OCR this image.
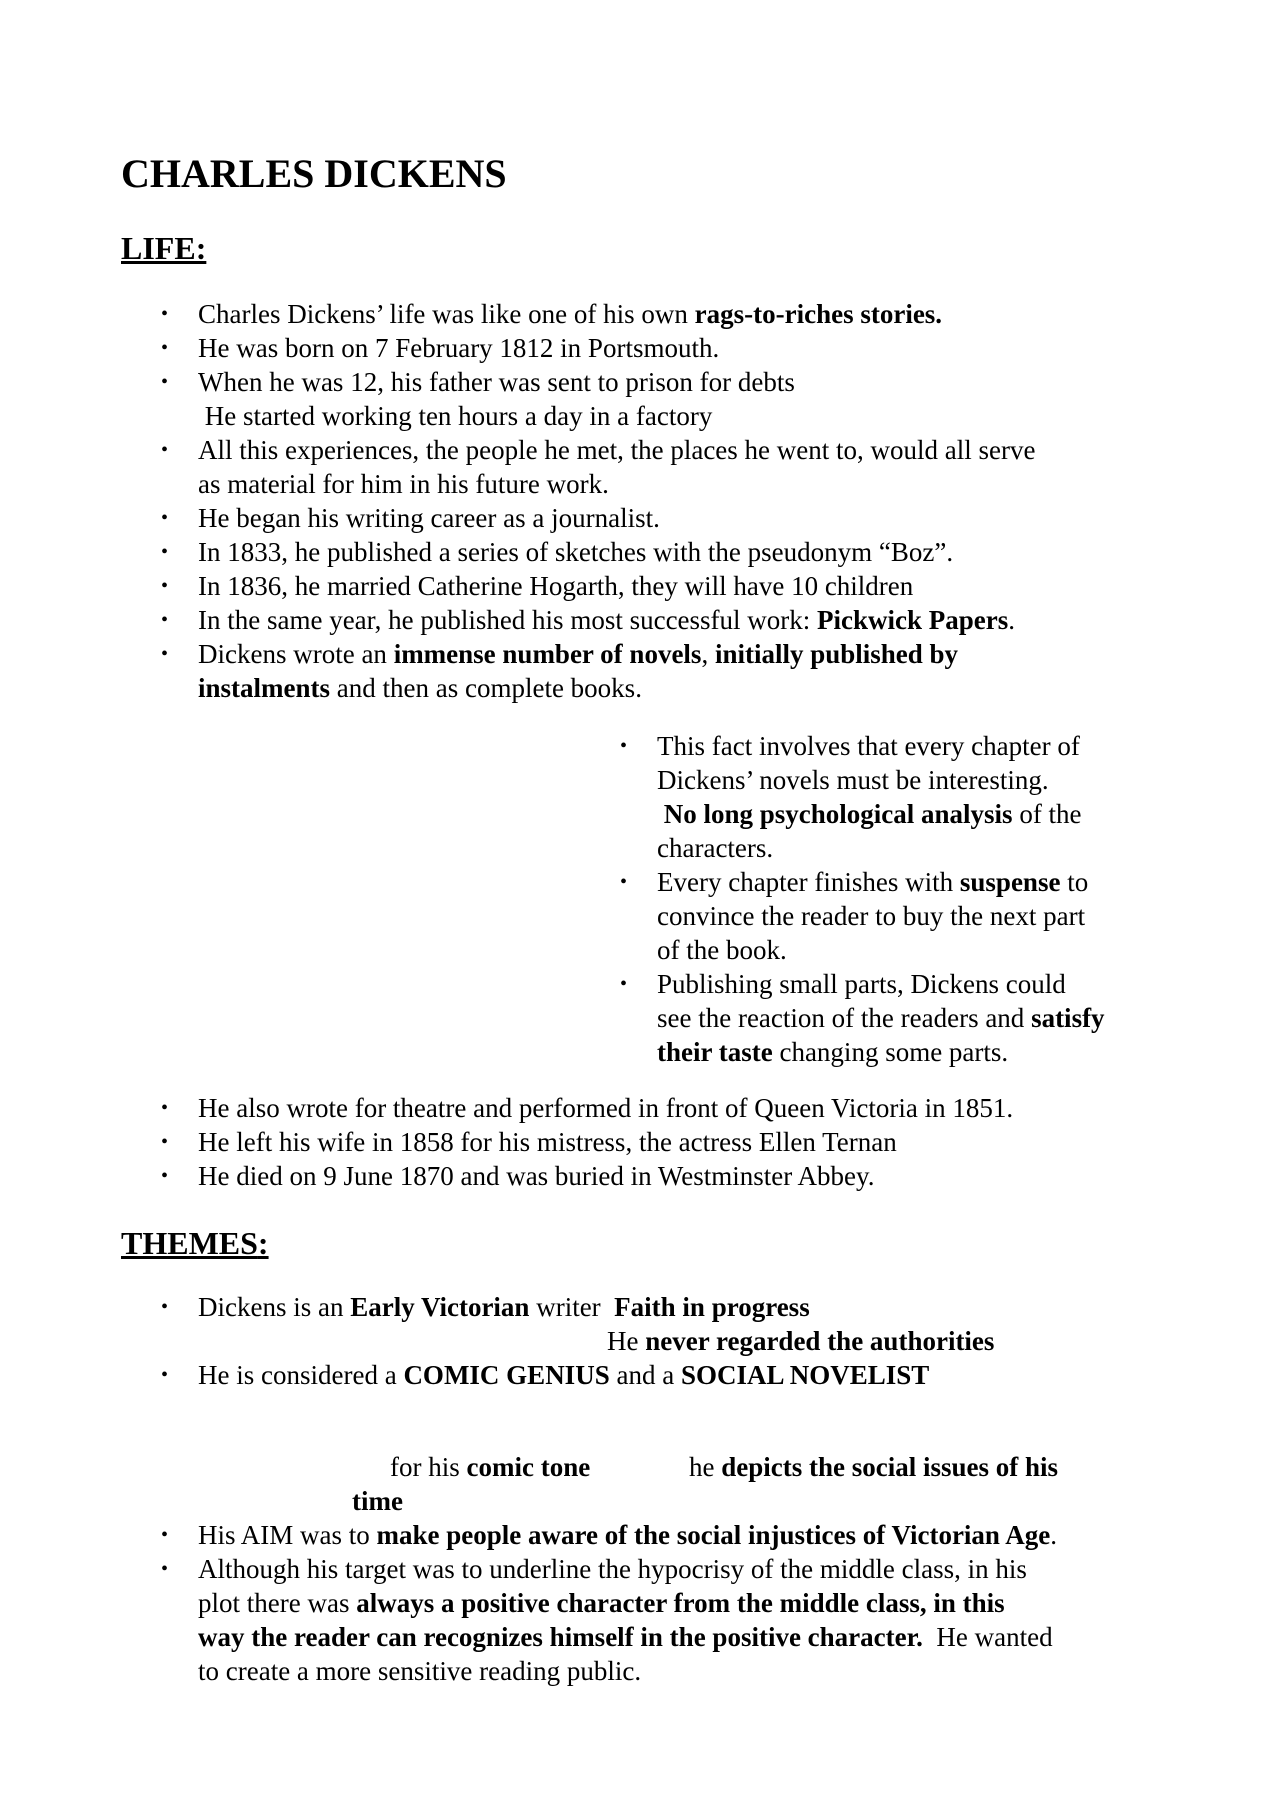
CHARLES DICKENS
LIFE:
• Charles Dickens’ life was like one of his own rags-to-riches stories.
• He was born on 7 February 1812 in Portsmouth.
• When he was 12, his father was sent to prison for debts
He started working ten hours a day in a factory
• All this experiences, the people he met, the places he went to, would all serve
as material for him in his future work.
• He began his writing career as a journalist.
• In 1833, he published a series of sketches with the pseudonym “Boz”.
• In 1836, he married Catherine Hogarth, they will have 10 children
• In the same year, he published his most successful work: Pickwick Papers.
• Dickens wrote an immense number of novels, initially published by
instalments and then as complete books.
• This fact involves that every chapter of
Dickens’ novels must be interesting.
No long psychological analysis of the
characters.
• Every chapter finishes with suspense to
convince the reader to buy the next part
of the book.
• Publishing small parts, Dickens could
see the reaction of the readers and satisfy
their taste changing some parts.
• He also wrote for theatre and performed in front of Queen Victoria in 1851.
• He left his wife in 1858 for his mistress, the actress Ellen Ternan
• He died on 9 June 1870 and was buried in Westminster Abbey.
THEMES:
• Dickens is an Early Victorian writer  Faith in progress
He never regarded the authorities
• He is considered a COMIC GENIUS and a SOCIAL NOVELIST
for his comic tone	he depicts the social issues of his
time
• His AIM was to make people aware of the social injustices of Victorian Age.
• Although his target was to underline the hypocrisy of the middle class, in his
plot there was always a positive character from the middle class, in this
way the reader can recognizes himself in the positive character.  He wanted
to create a more sensitive reading public.
